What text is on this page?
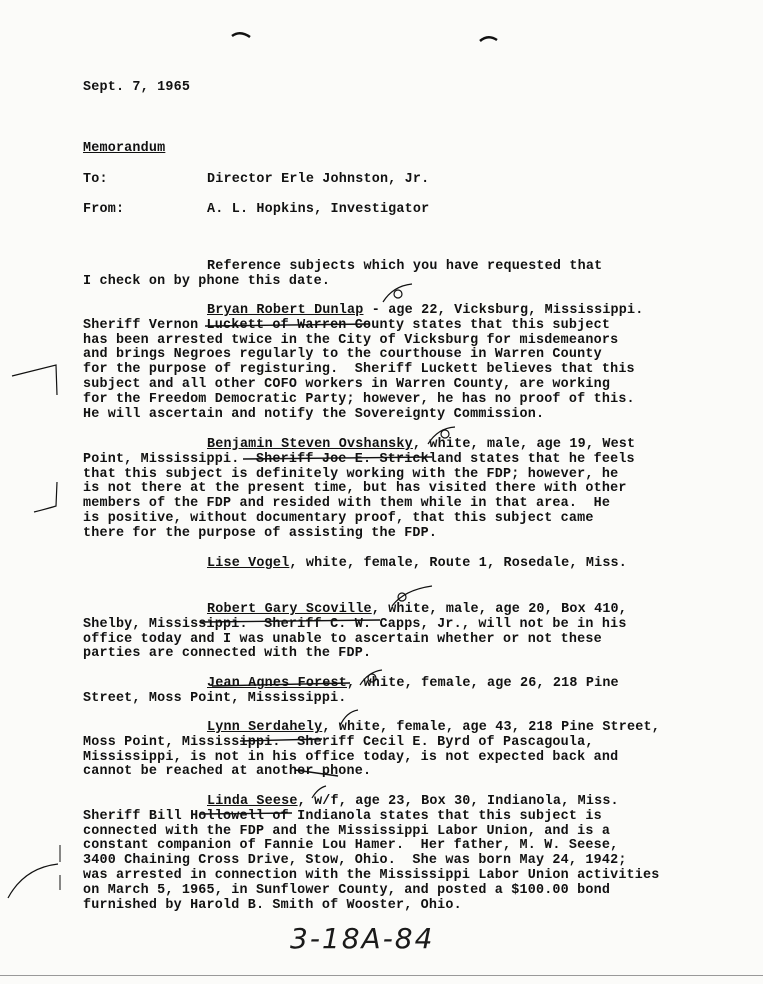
Sept. 7, 1965
Memorandum
To:	Director Erle Johnston, Jr.
From:	A. L. Hopkins, Investigator
Reference subjects which you have requested that
I check on by phone this date.
Bryan Robert Dunlap - age 22, Vicksburg, Mississippi.
Sheriff Vernon Luckett of Warren County states that this subject
has been arrested twice in the City of Vicksburg for misdemeanors
and brings Negroes regularly to the courthouse in Warren County
for the purpose of registuring.  Sheriff Luckett believes that this
subject and all other COFO workers in Warren County, are working
for the Freedom Democratic Party; however, he has no proof of this.
He will ascertain and notify the Sovereignty Commission.
Benjamin Steven Ovshansky, white, male, age 19, West
Point, Mississippi.  Sheriff Joe E. Strickland states that he feels
that this subject is definitely working with the FDP; however, he
is not there at the present time, but has visited there with other
members of the FDP and resided with them while in that area.  He
is positive, without documentary proof, that this subject came
there for the purpose of assisting the FDP.
Lise Vogel, white, female, Route 1, Rosedale, Miss.
Robert Gary Scoville, white, male, age 20, Box 410,
Shelby, Mississippi.  Sheriff C. W. Capps, Jr., will not be in his
office today and I was unable to ascertain whether or not these
parties are connected with the FDP.
Jean Agnes Forest, white, female, age 26, 218 Pine
Street, Moss Point, Mississippi.
Lynn Serdahely, white, female, age 43, 218 Pine Street,
Moss Point, Mississippi.  Sheriff Cecil E. Byrd of Pascagoula,
Mississippi, is not in his office today, is not expected back and
cannot be reached at another phone.
Linda Seese, w/f, age 23, Box 30, Indianola, Miss.
Sheriff Bill Hollowell of Indianola states that this subject is
connected with the FDP and the Mississippi Labor Union, and is a
constant companion of Fannie Lou Hamer.  Her father, M. W. Seese,
3400 Chaining Cross Drive, Stow, Ohio.  She was born May 24, 1942;
was arrested in connection with the Mississippi Labor Union activities
on March 5, 1965, in Sunflower County, and posted a $100.00 bond
furnished by Harold B. Smith of Wooster, Ohio.
3-18A-84
